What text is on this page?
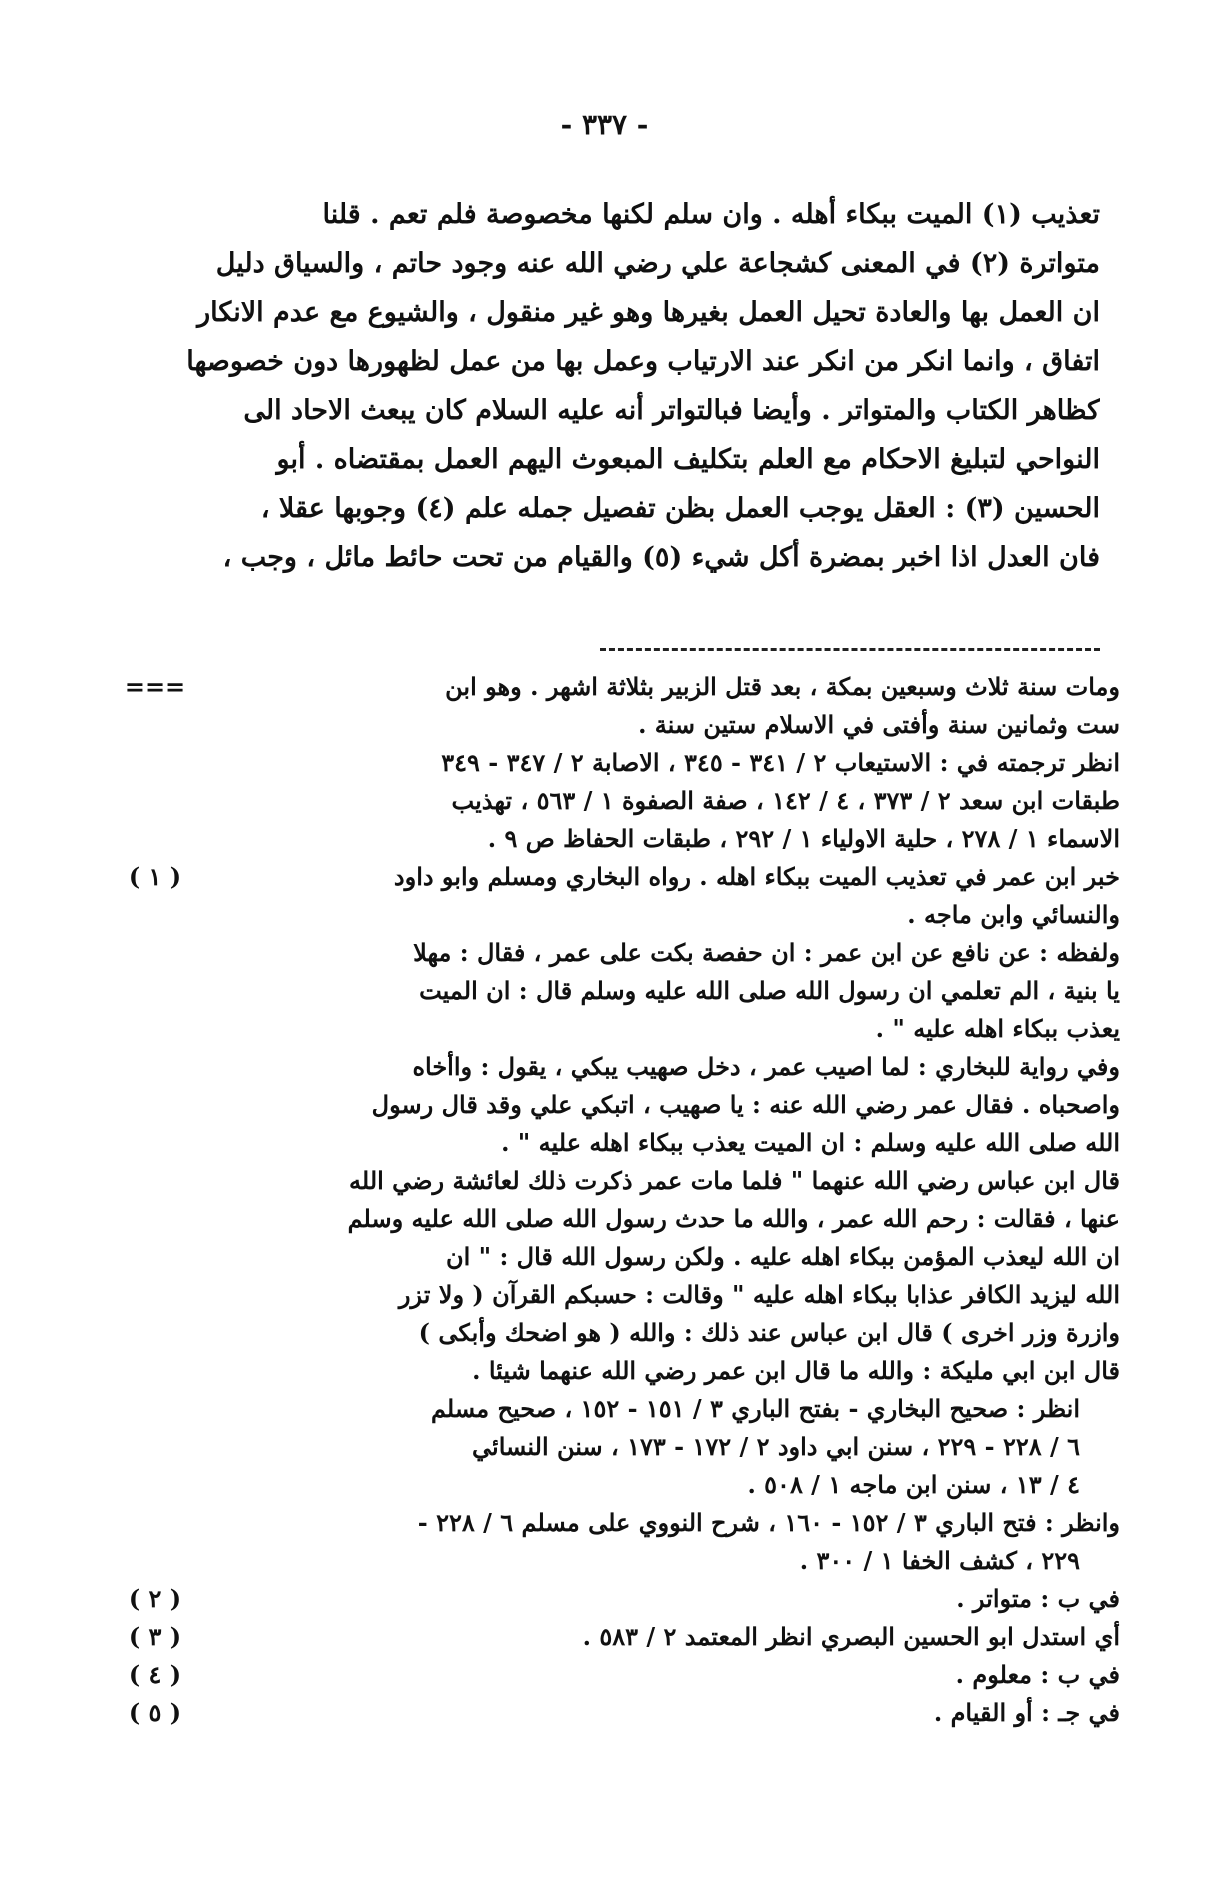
- ٣٣٧ -
تعذيب (١) الميت ببكاء أهله . وان سلم لكنها مخصوصة فلم تعم . قلنا
متواترة (٢) في المعنى كشجاعة علي رضي الله عنه وجود حاتم ، والسياق دليل
ان العمل بها والعادة تحيل العمل بغيرها وهو غير منقول ، والشيوع مع عدم الانكار
اتفاق ، وانما انكر من انكر عند الارتياب وعمل بها من عمل لظهورها دون خصوصها
كظاهر الكتاب والمتواتر . وأيضا فبالتواتر أنه عليه السلام كان يبعث الاحاد الى
النواحي لتبليغ الاحكام مع العلم بتكليف المبعوث اليهم العمل بمقتضاه . أبو
الحسين (٣) : العقل يوجب العمل بظن تفصيل جمله علم (٤) وجوبها عقلا ،
فان العدل اذا اخبر بمضرة أكل شيء (٥) والقيام من تحت حائط مائل ، وجب ،
ومات سنة ثلاث وسبعين بمكة ، بعد قتل الزبير بثلاثة اشهر . وهو ابن
===
ست وثمانين سنة وأفتى في الاسلام ستين سنة .
انظر ترجمته في : الاستيعاب ٢ / ٣٤١ - ٣٤٥ ، الاصابة ٢ / ٣٤٧ - ٣٤٩
طبقات ابن سعد ٢ / ٣٧٣ ، ٤ / ١٤٢ ، صفة الصفوة ١ / ٥٦٣ ، تهذيب
الاسماء ١ / ٢٧٨ ، حلية الاولياء ١ / ٢٩٢ ، طبقات الحفاظ ص ٩ .
خبر ابن عمر في تعذيب الميت ببكاء اهله . رواه البخاري ومسلم وابو داود
( ١ )
والنسائي وابن ماجه .
ولفظه : عن نافع عن ابن عمر : ان حفصة بكت على عمر ، فقال : مهلا
يا بنية ، الم تعلمي ان رسول الله صلى الله عليه وسلم قال : ان الميت
يعذب ببكاء اهله عليه " .
وفي رواية للبخاري : لما اصيب عمر ، دخل صهيب يبكي ، يقول : واأخاه
واصحباه . فقال عمر رضي الله عنه : يا صهيب ، اتبكي علي وقد قال رسول
الله صلى الله عليه وسلم : ان الميت يعذب ببكاء اهله عليه " .
قال ابن عباس رضي الله عنهما " فلما مات عمر ذكرت ذلك لعائشة رضي الله
عنها ، فقالت : رحم الله عمر ، والله ما حدث رسول الله صلى الله عليه وسلم
ان الله ليعذب المؤمن ببكاء اهله عليه . ولكن رسول الله قال : " ان
الله ليزيد الكافر عذابا ببكاء اهله عليه " وقالت : حسبكم القرآن ( ولا تزر
وازرة وزر اخرى ) قال ابن عباس عند ذلك : والله ( هو اضحك وأبكى )
قال ابن ابي مليكة : والله ما قال ابن عمر رضي الله عنهما شيئا .
انظر : صحيح البخاري - بفتح الباري ٣ / ١٥١ - ١٥٢ ، صحيح مسلم
٦ / ٢٢٨ - ٢٢٩ ، سنن ابي داود ٢ / ١٧٢ - ١٧٣ ، سنن النسائي
٤ / ١٣ ، سنن ابن ماجه ١ / ٥٠٨ .
وانظر : فتح الباري ٣ / ١٥٢ - ١٦٠ ، شرح النووي على مسلم ٦ / ٢٢٨ -
٢٢٩ ، كشف الخفا ١ / ٣٠٠ .
في ب : متواتر .
( ٢ )
أي استدل ابو الحسين البصري انظر المعتمد ٢ / ٥٨٣ .
( ٣ )
في ب : معلوم .
( ٤ )
في جـ : أو القيام .
( ٥ )
